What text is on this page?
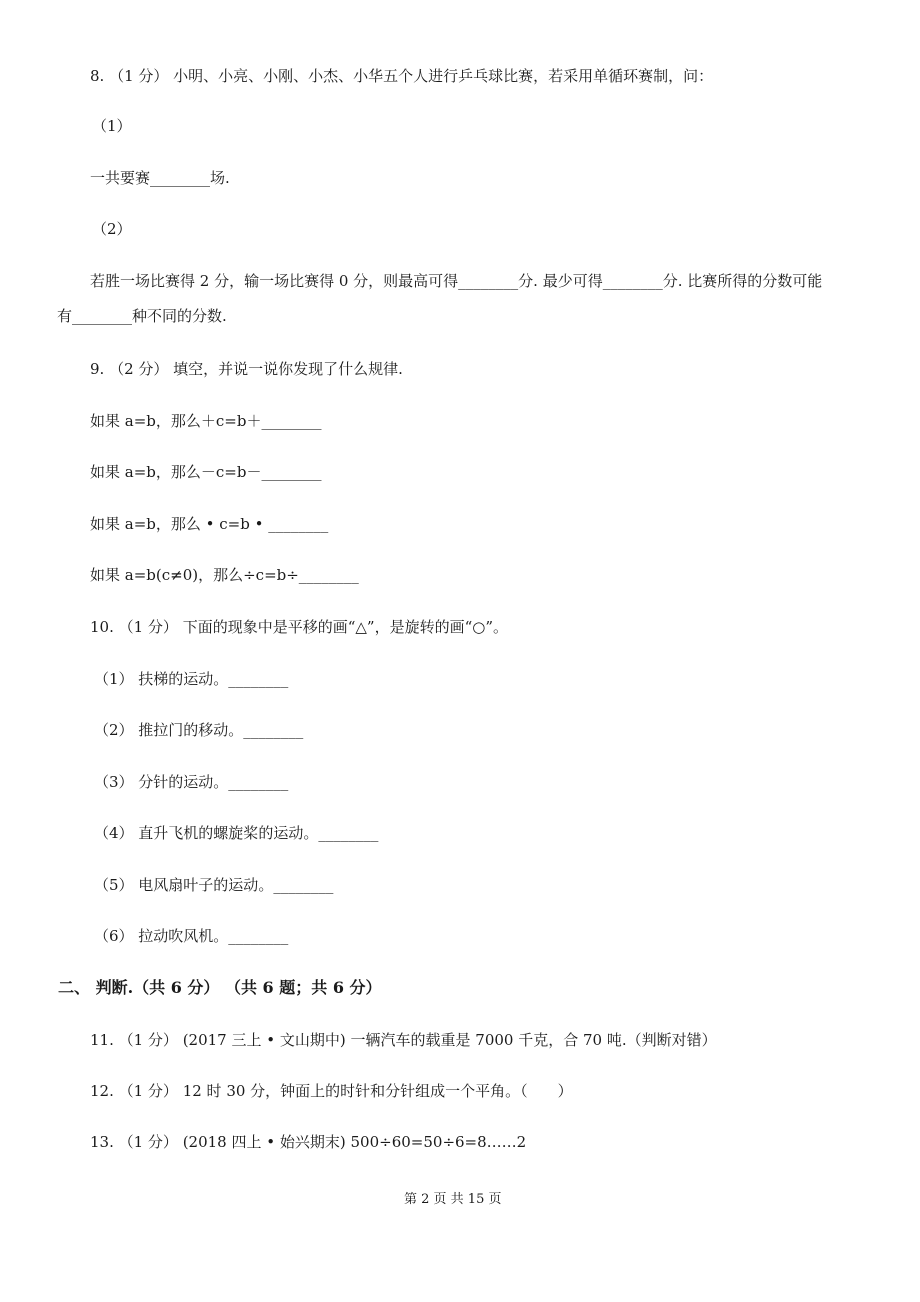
8. （1 分） 小明、小亮、小刚、小杰、小华五个人进行乒乓球比赛，若采用单循环赛制，问：
（1）
一共要赛________场.
（2）
若胜一场比赛得 2 分，输一场比赛得 0 分，则最高可得________分. 最少可得________分. 比赛所得的分数可能
有________种不同的分数.
9. （2 分） 填空，并说一说你发现了什么规律.
如果 a=b，那么＋c=b＋________
如果 a=b，那么－c=b－________
如果 a=b，那么 • c=b • ________
如果 a=b(c≠0)，那么÷c=b÷________
10. （1 分） 下面的现象中是平移的画“△”，是旋转的画“○”。
（1） 扶梯的运动。________
（2） 推拉门的移动。________
（3） 分针的运动。________
（4） 直升飞机的螺旋桨的运动。________
（5） 电风扇叶子的运动。________
（6） 拉动吹风机。________
二、 判断.（共 6 分） （共 6 题；共 6 分）
11. （1 分） (2017 三上 • 文山期中) 一辆汽车的载重是 7000 千克，合 70 吨.（判断对错）
12. （1 分） 12 时 30 分，钟面上的时针和分针组成一个平角。（　　）
13. （1 分） (2018 四上 • 始兴期末) 500÷60=50÷6=8……2
第 2 页 共 15 页
